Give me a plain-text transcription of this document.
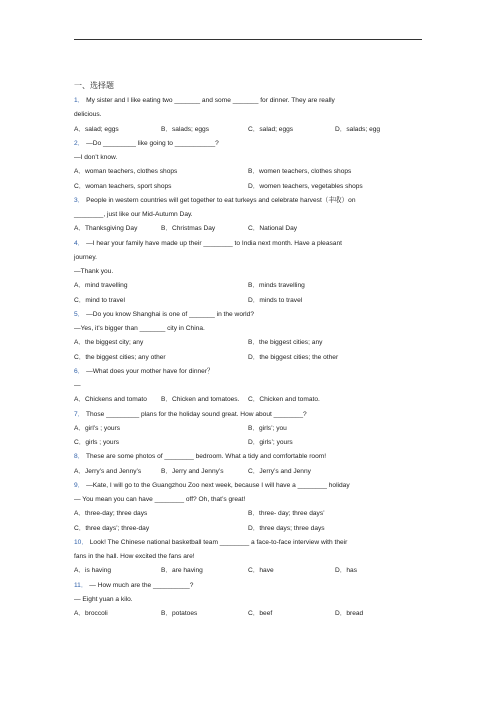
一、选择题
1． My sister and I like eating two _______ and some _______ for dinner. They are really
delicious.
A．salad; eggs	B．salads; eggs	C．salad; eggs	D．salads; egg
2． —Do _________ like going to ___________?
—I don’t know.
A．woman teachers, clothes shops	B．women teachers, clothes shops
C．woman teachers, sport shops	D．women teachers, vegetables shops
3． People in western countries will get together to eat turkeys and celebrate harvest（丰收）on
________, just like our Mid-Autumn Day.
A．Thanksgiving Day	B．Christmas Day	C．National Day
4． —I hear your family have made up their ________ to India next month. Have a pleasant
journey.
—Thank you.
A．mind travelling	B．minds travelling
C．mind to travel	D．minds to travel
5． —Do you know Shanghai is one of _______ in the world?
—Yes, it’s bigger than _______ city in China.
A．the biggest city; any	B．the biggest cities; any
C．the biggest cities; any other	D．the biggest cities; the other
6． —What does your mother have for dinner？
—
A．Chickens and tomato	B．Chicken and tomatoes.	C．Chicken and tomato.
7． Those _________ plans for the holiday sound great. How about ________?
A．girl’s ; yours	B．girls’; you
C．girls ; yours	D．girls’; yours
8． These are some photos of ________ bedroom. What a tidy and comfortable room!
A．Jerry’s and Jenny’s	B．Jerry and Jenny’s	C．Jerry’s and Jenny
9． —Kate, I will go to the Guangzhou Zoo next week, because I will have a ________ holiday
— You mean you can have ________ off? Oh, that’s great!
A．three-day; three days	B．three- day; three days’
C．three days’; three-day	D．three days; three days
10． Look! The Chinese national basketball team ________ a face-to-face interview with their
fans in the hall. How excited the fans are!
A．is having	B．are having	C．have	D．has
11． — How much are the __________?
— Eight yuan a kilo.
A．broccoli	B．potatoes	C．beef	D．bread
